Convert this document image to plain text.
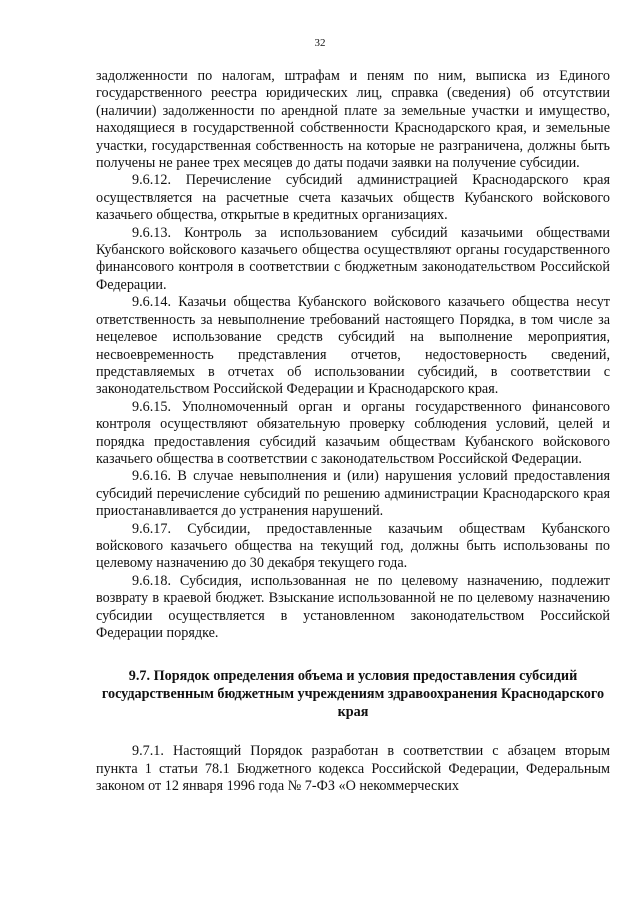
32

задолженности по налогам, штрафам и пеням по ним, выписка из Единого государственного реестра юридических лиц, справка (сведения) об отсутствии (наличии) задолженности по арендной плате за земельные участки и имущество, находящиеся в государственной собственности Краснодарского края, и земельные участки, государственная собственность на которые не разграничена, должны быть получены не ранее трех месяцев до даты подачи заявки на получение субсидии.

9.6.12. Перечисление субсидий администрацией Краснодарского края осуществляется на расчетные счета казачьих обществ Кубанского войскового казачьего общества, открытые в кредитных организациях.

9.6.13. Контроль за использованием субсидий казачьими обществами Кубанского войскового казачьего общества осуществляют органы государственного финансового контроля в соответствии с бюджетным законодательством Российской Федерации.

9.6.14. Казачьи общества Кубанского войскового казачьего общества несут ответственность за невыполнение требований настоящего Порядка, в том числе за нецелевое использование средств субсидий на выполнение мероприятия, несвоевременность представления отчетов, недостоверность сведений, представляемых в отчетах об использовании субсидий, в соответствии с законодательством Российской Федерации и Краснодарского края.

9.6.15. Уполномоченный орган и органы государственного финансового контроля осуществляют обязательную проверку соблюдения условий, целей и порядка предоставления субсидий казачьим обществам Кубанского войскового казачьего общества в соответствии с законодательством Российской Федерации.

9.6.16. В случае невыполнения и (или) нарушения условий предоставления субсидий перечисление субсидий по решению администрации Краснодарского края приостанавливается до устранения нарушений.

9.6.17. Субсидии, предоставленные казачьим обществам Кубанского войскового казачьего общества на текущий год, должны быть использованы по целевому назначению до 30 декабря текущего года.

9.6.18. Субсидия, использованная не по целевому назначению, подлежит возврату в краевой бюджет. Взыскание использованной не по целевому назначению субсидии осуществляется в установленном законодательством Российской Федерации порядке.

9.7. Порядок определения объема и условия предоставления субсидий государственным бюджетным учреждениям здравоохранения Краснодарского края

9.7.1. Настоящий Порядок разработан в соответствии с абзацем вторым пункта 1 статьи 78.1 Бюджетного кодекса Российской Федерации, Федеральным законом от 12 января 1996 года № 7-ФЗ «О некоммерческих
